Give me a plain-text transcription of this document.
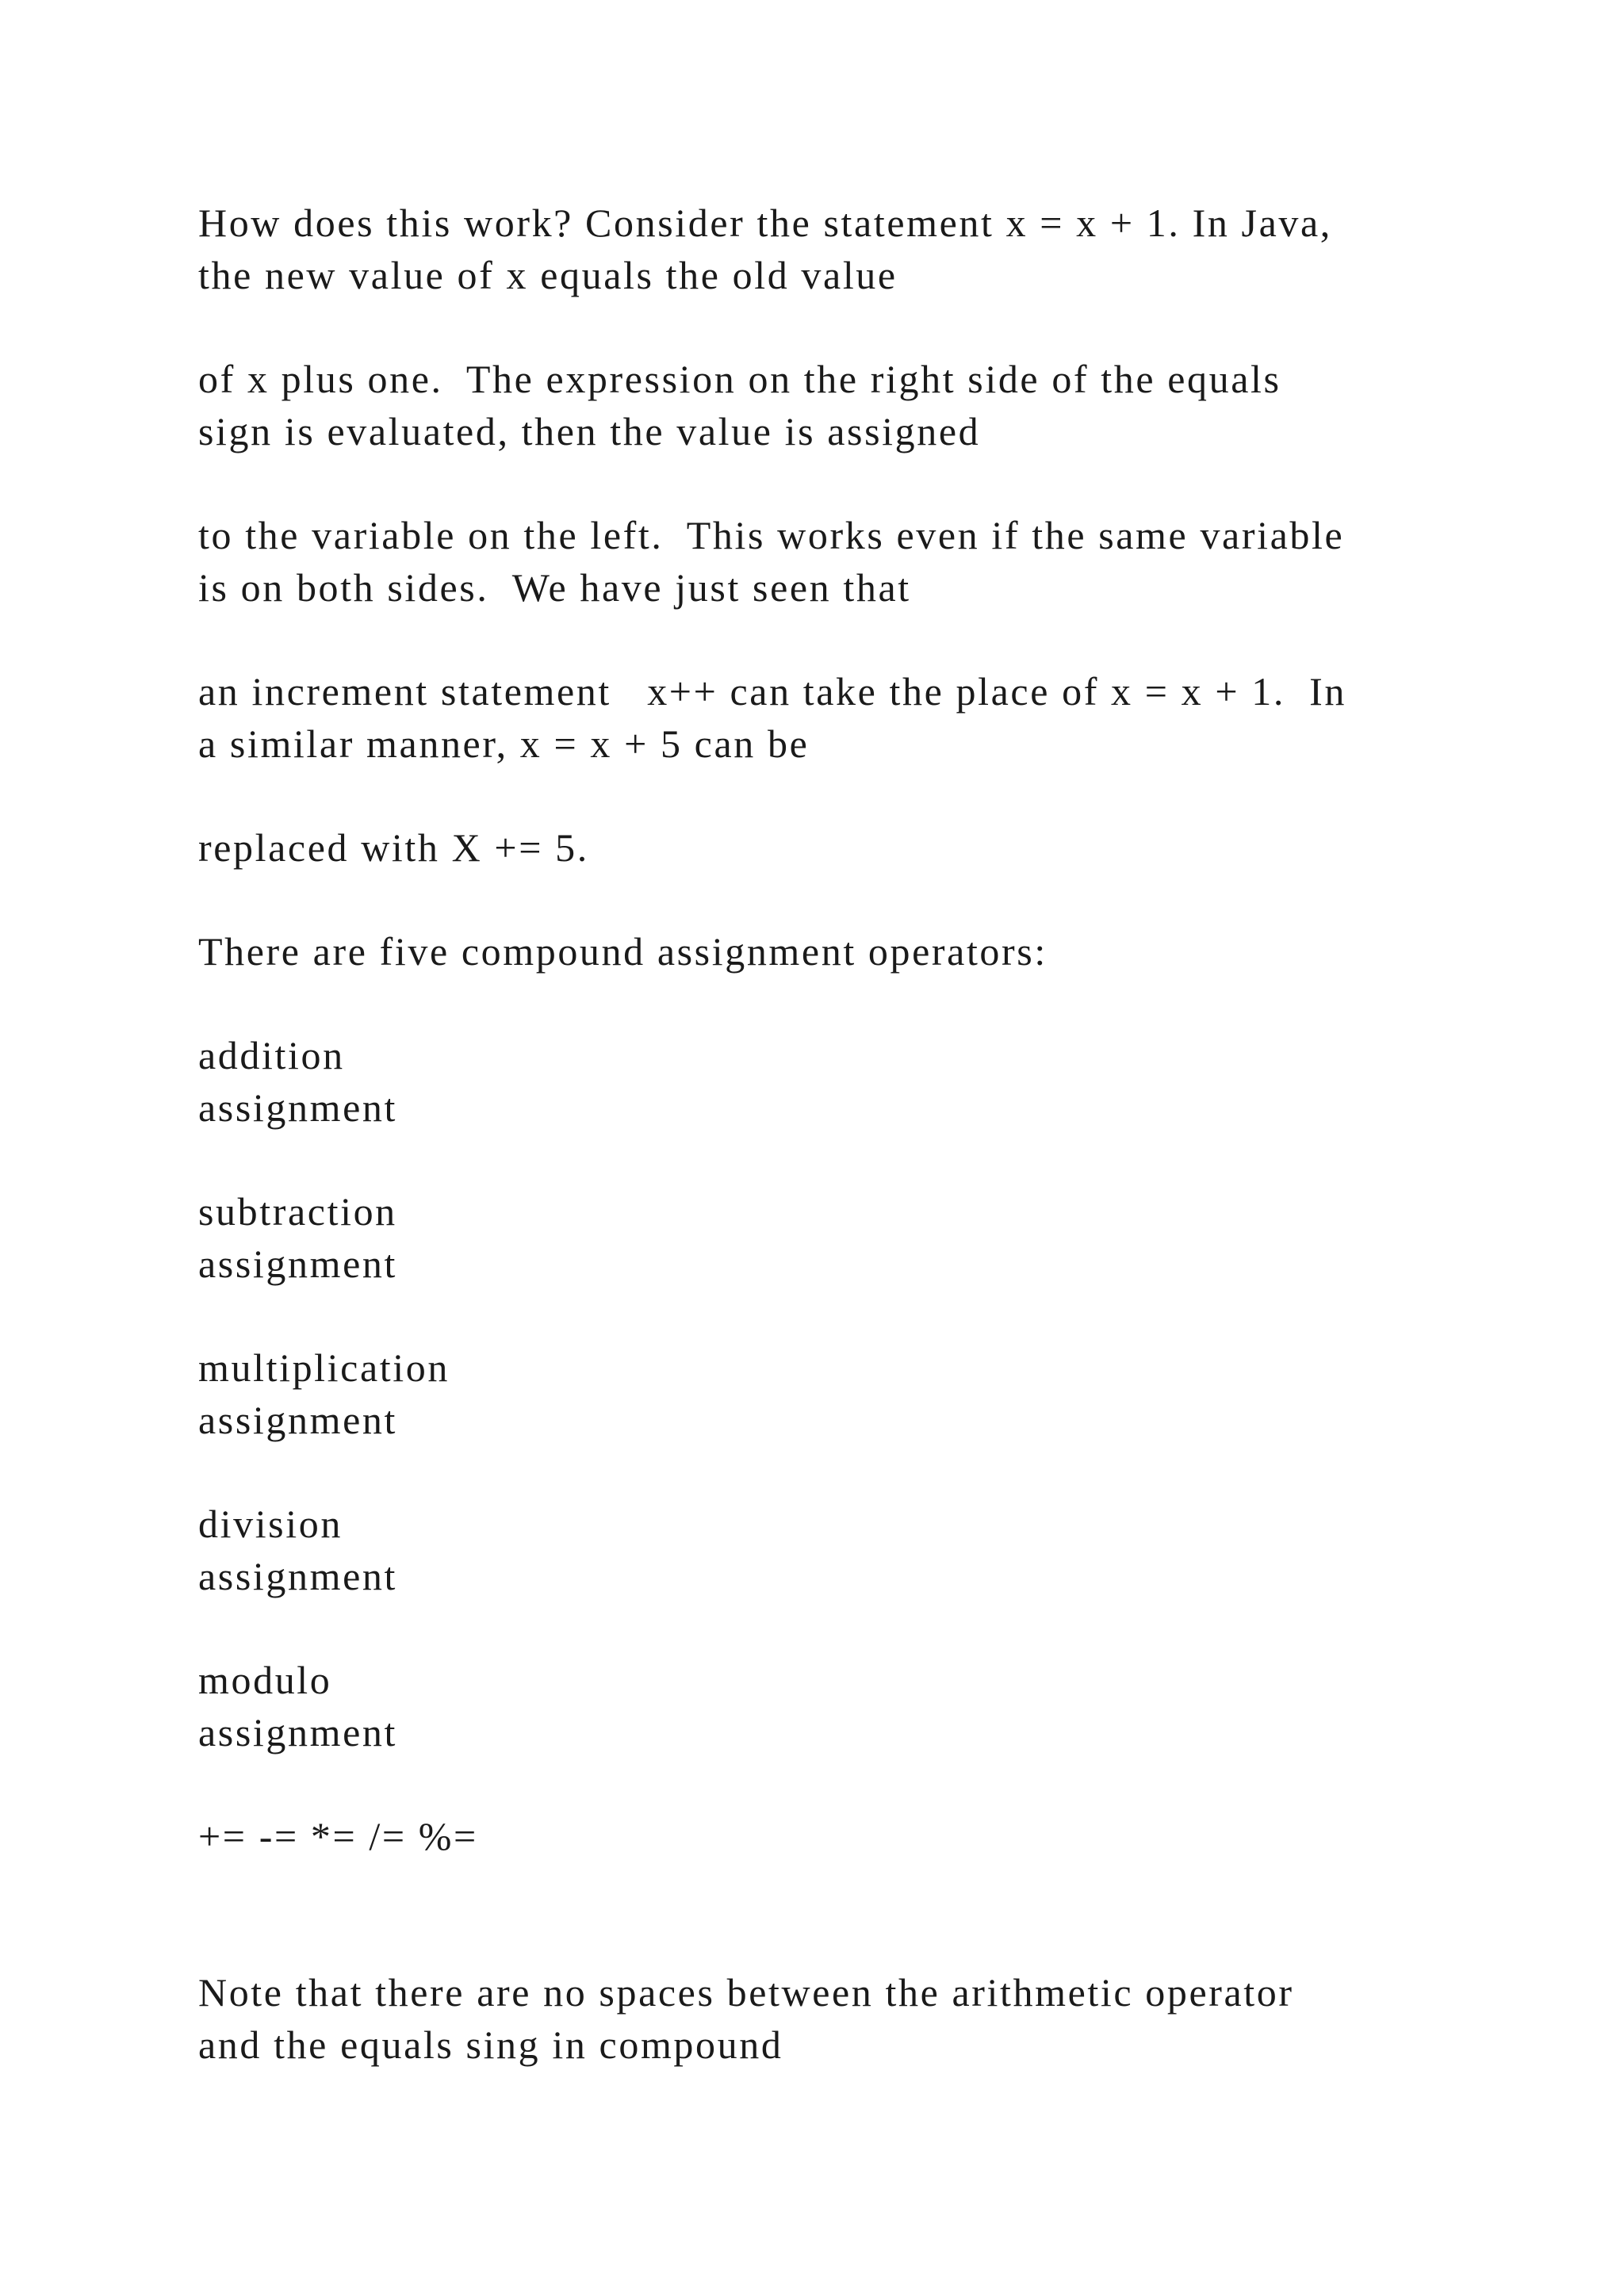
How does this work? Consider the statement x = x + 1. In Java,
the new value of x equals the old value
of x plus one.  The expression on the right side of the equals
sign is evaluated, then the value is assigned
to the variable on the left.  This works even if the same variable
is on both sides.  We have just seen that
an increment statement   x++ can take the place of x = x + 1.  In
a similar manner, x = x + 5 can be
replaced with X += 5.
There are five compound assignment operators:
addition
assignment
subtraction
assignment
multiplication
assignment
division
assignment
modulo
assignment
+= -= *= /= %=
Note that there are no spaces between the arithmetic operator
and the equals sing in compound
